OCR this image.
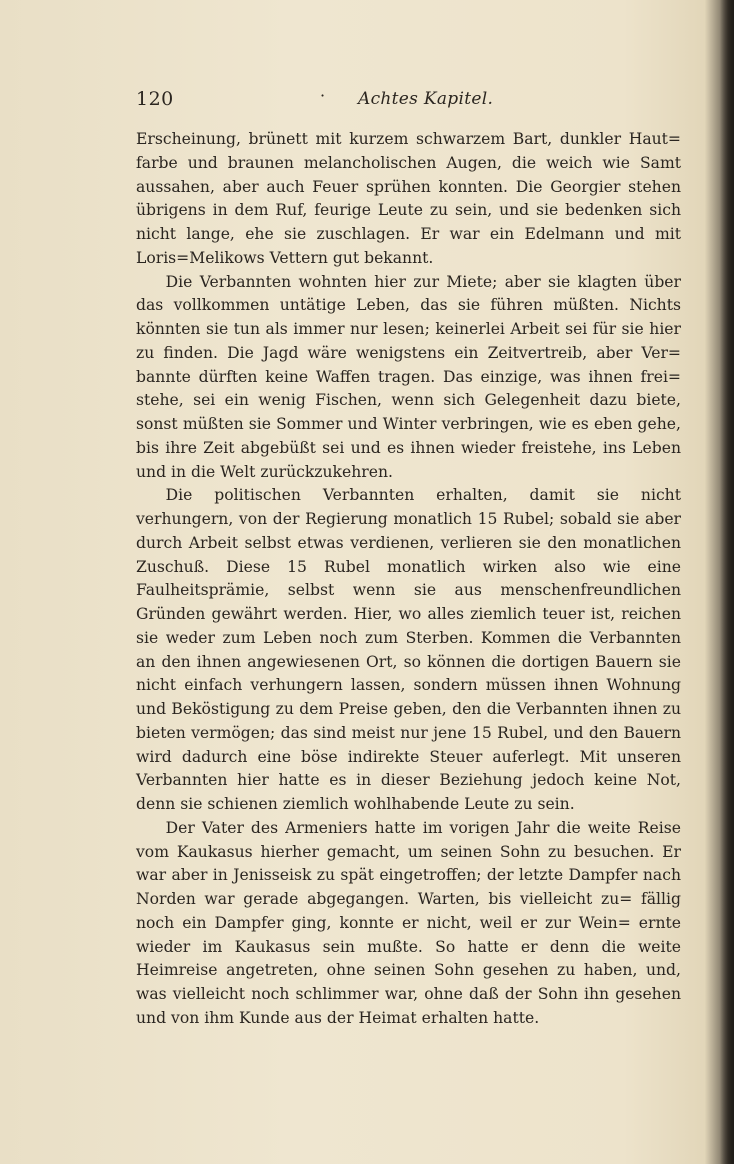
120	· Achtes Kapitel.

Erscheinung, brünett mit kurzem schwarzem Bart, dunkler Haut= farbe und braunen melancholischen Augen, die weich wie Samt aussahen, aber auch Feuer sprühen konnten. Die Georgier stehen übrigens in dem Ruf, feurige Leute zu sein, und sie bedenken sich nicht lange, ehe sie zuschlagen. Er war ein Edelmann und mit Loris=Melikows Vettern gut bekannt.

Die Verbannten wohnten hier zur Miete; aber sie klagten über das vollkommen untätige Leben, das sie führen müßten. Nichts könnten sie tun als immer nur lesen; keinerlei Arbeit sei für sie hier zu finden. Die Jagd wäre wenigstens ein Zeitvertreib, aber Ver= bannte dürften keine Waffen tragen. Das einzige, was ihnen frei= stehe, sei ein wenig Fischen, wenn sich Gelegenheit dazu biete, sonst müßten sie Sommer und Winter verbringen, wie es eben gehe, bis ihre Zeit abgebüßt sei und es ihnen wieder freistehe, ins Leben und in die Welt zurückzukehren.

Die politischen Verbannten erhalten, damit sie nicht verhungern, von der Regierung monatlich 15 Rubel; sobald sie aber durch Arbeit selbst etwas verdienen, verlieren sie den monatlichen Zuschuß. Diese 15 Rubel monatlich wirken also wie eine Faulheitsprämie, selbst wenn sie aus menschenfreundlichen Gründen gewährt werden. Hier, wo alles ziemlich teuer ist, reichen sie weder zum Leben noch zum Sterben. Kommen die Verbannten an den ihnen angewiesenen Ort, so können die dortigen Bauern sie nicht einfach verhungern lassen, sondern müssen ihnen Wohnung und Beköstigung zu dem Preise geben, den die Verbannten ihnen zu bieten vermögen; das sind meist nur jene 15 Rubel, und den Bauern wird dadurch eine böse indirekte Steuer auferlegt. Mit unseren Verbannten hier hatte es in dieser Beziehung jedoch keine Not, denn sie schienen ziemlich wohlhabende Leute zu sein.

Der Vater des Armeniers hatte im vorigen Jahr die weite Reise vom Kaukasus hierher gemacht, um seinen Sohn zu besuchen. Er war aber in Jenisseisk zu spät eingetroffen; der letzte Dampfer nach Norden war gerade abgegangen. Warten, bis vielleicht zu= fällig noch ein Dampfer ging, konnte er nicht, weil er zur Wein= ernte wieder im Kaukasus sein mußte. So hatte er denn die weite Heimreise angetreten, ohne seinen Sohn gesehen zu haben, und, was vielleicht noch schlimmer war, ohne daß der Sohn ihn gesehen und von ihm Kunde aus der Heimat erhalten hatte.
